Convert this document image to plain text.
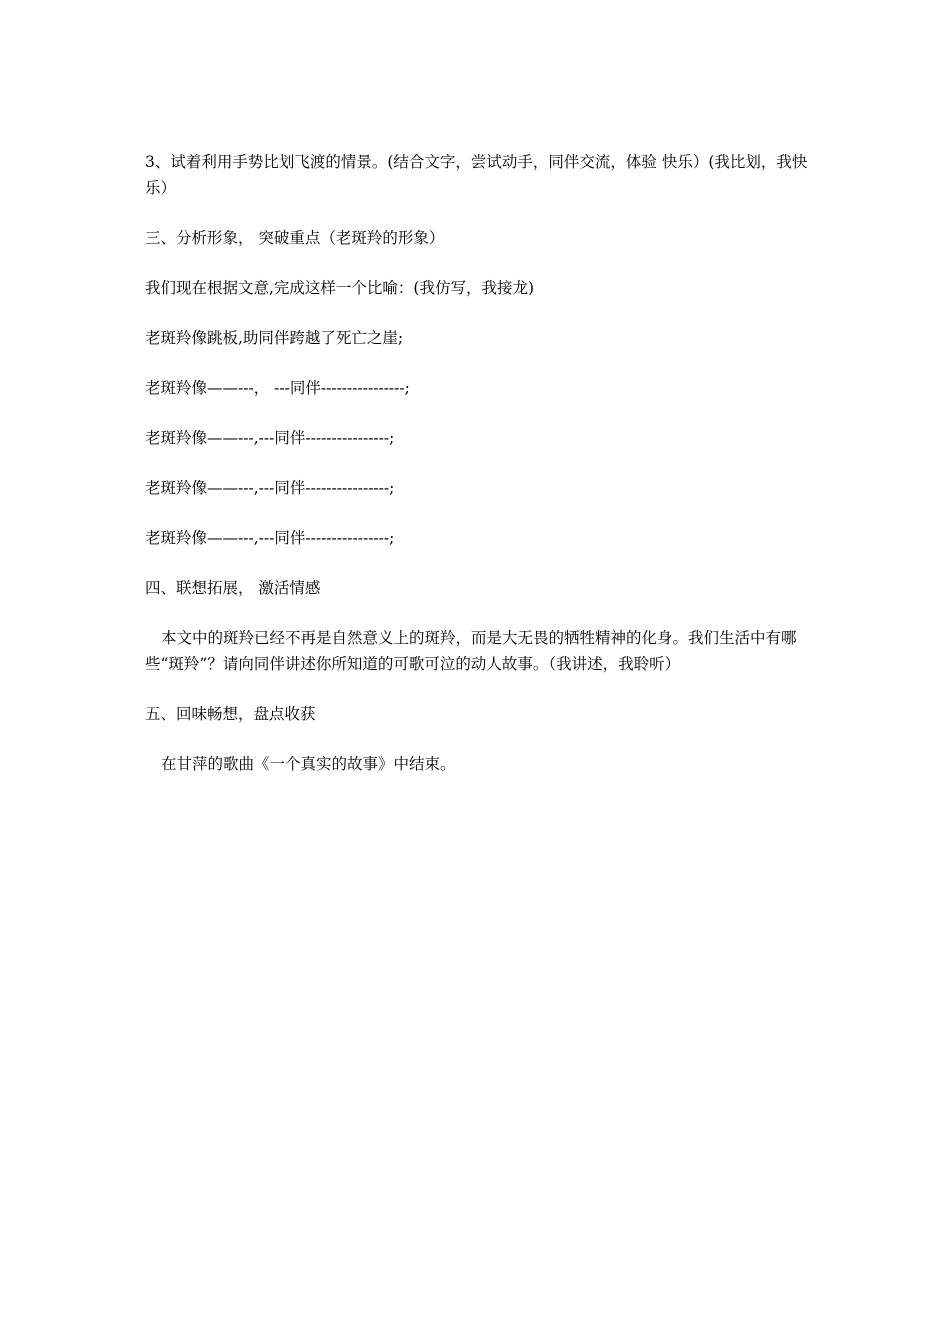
3、试着利用手势比划飞渡的情景。(结合文字，尝试动手，同伴交流，体验 快乐）(我比划，我快乐）

三、分析形象， 突破重点（老斑羚的形象）

我们现在根据文意,完成这样一个比喻：(我仿写，我接龙)

老斑羚像跳板,助同伴跨越了死亡之崖;

老斑羚像——---， ---同伴----------------;

老斑羚像——---,---同伴----------------;

老斑羚像——---,---同伴----------------;

老斑羚像——---,---同伴----------------;

四、联想拓展， 激活情感

本文中的斑羚已经不再是自然意义上的斑羚，而是大无畏的牺牲精神的化身。我们生活中有哪些“斑羚”？请向同伴讲述你所知道的可歌可泣的动人故事。（我讲述，我聆听）

五、回味畅想，盘点收获

在甘萍的歌曲《一个真实的故事》中结束。
